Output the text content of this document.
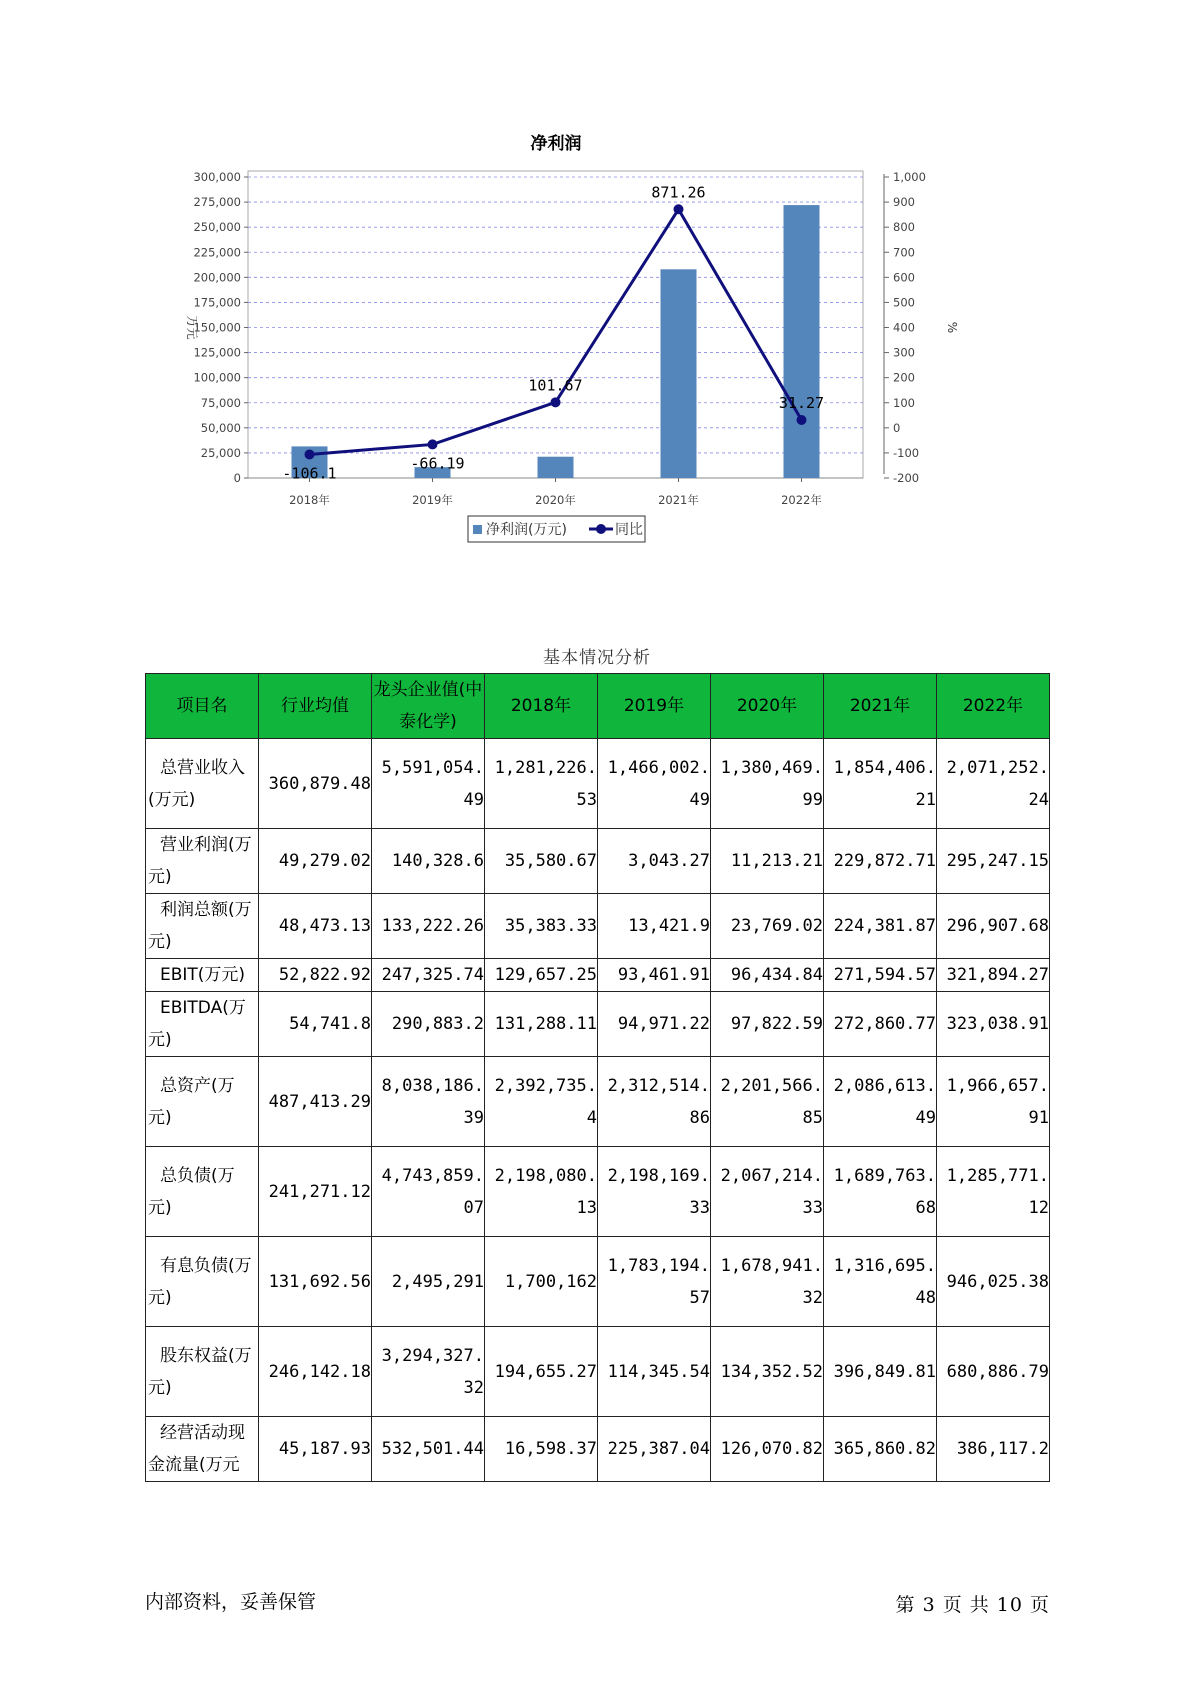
净利润
300,000
275,000
250,000
225,000
200,000
175,000
150,000
125,000
100,000
75,000
50,000
25,000
0
1,000
900
800
700
600
500
400
300
200
100
0
-100
-200
万元	%
2018年	2019年	2020年	2021年	2022年
-106.1
-66.19
101.67
871.26
31.27
净利润(万元)	同比
基本情况分析
项目名	行业均值	龙头企业值(中泰化学)	2018年	2019年	2020年	2021年	2022年
总营业收入(万元)	360,879.48	5,591,054.49	1,281,226.53	1,466,002.49	1,380,469.99	1,854,406.21	2,071,252.24
营业利润(万元)	49,279.02	140,328.6	35,580.67	3,043.27	11,213.21	229,872.71	295,247.15
利润总额(万元)	48,473.13	133,222.26	35,383.33	13,421.9	23,769.02	224,381.87	296,907.68
EBIT(万元)	52,822.92	247,325.74	129,657.25	93,461.91	96,434.84	271,594.57	321,894.27
EBITDA(万元)	54,741.8	290,883.2	131,288.11	94,971.22	97,822.59	272,860.77	323,038.91
总资产(万元)	487,413.29	8,038,186.39	2,392,735.4	2,312,514.86	2,201,566.85	2,086,613.49	1,966,657.91
总负债(万元)	241,271.12	4,743,859.07	2,198,080.13	2,198,169.33	2,067,214.33	1,689,763.68	1,285,771.12
有息负债(万元)	131,692.56	2,495,291	1,700,162	1,783,194.57	1,678,941.32	1,316,695.48	946,025.38
股东权益(万元)	246,142.18	3,294,327.32	194,655.27	114,345.54	134,352.52	396,849.81	680,886.79
经营活动现金流量(万元	45,187.93	532,501.44	16,598.37	225,387.04	126,070.82	365,860.82	386,117.2
内部资料，妥善保管	第 3 页 共 10 页
